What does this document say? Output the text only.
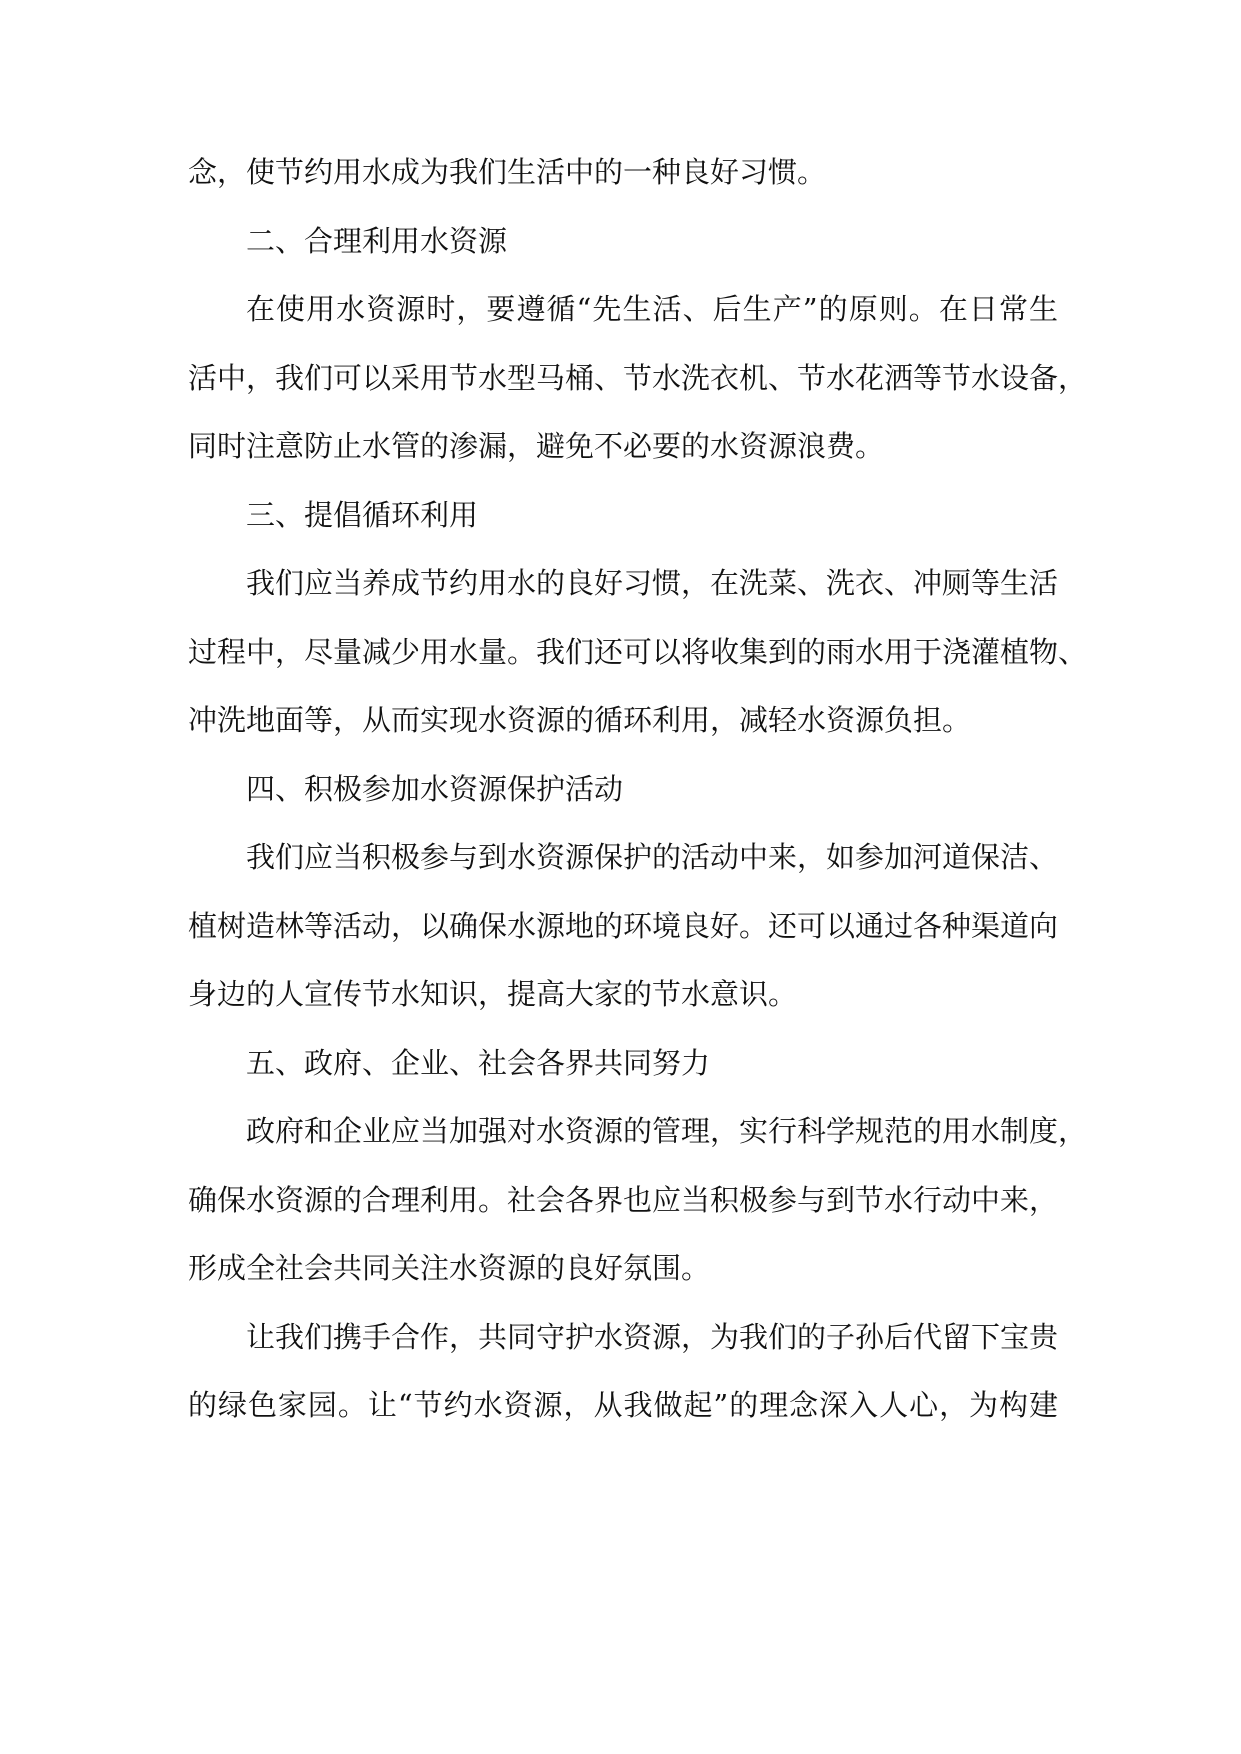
念，使节约用水成为我们生活中的一种良好习惯。
二、合理利用水资源
在使用水资源时，要遵循“先生活、后生产”的原则。在日常生
活中，我们可以采用节水型马桶、节水洗衣机、节水花洒等节水设备，
同时注意防止水管的渗漏，避免不必要的水资源浪费。
三、提倡循环利用
我们应当养成节约用水的良好习惯，在洗菜、洗衣、冲厕等生活
过程中，尽量减少用水量。我们还可以将收集到的雨水用于浇灌植物、
冲洗地面等，从而实现水资源的循环利用，减轻水资源负担。
四、积极参加水资源保护活动
我们应当积极参与到水资源保护的活动中来，如参加河道保洁、
植树造林等活动，以确保水源地的环境良好。还可以通过各种渠道向
身边的人宣传节水知识，提高大家的节水意识。
五、政府、企业、社会各界共同努力
政府和企业应当加强对水资源的管理，实行科学规范的用水制度，
确保水资源的合理利用。社会各界也应当积极参与到节水行动中来，
形成全社会共同关注水资源的良好氛围。
让我们携手合作，共同守护水资源，为我们的子孙后代留下宝贵
的绿色家园。让“节约水资源，从我做起”的理念深入人心，为构建
